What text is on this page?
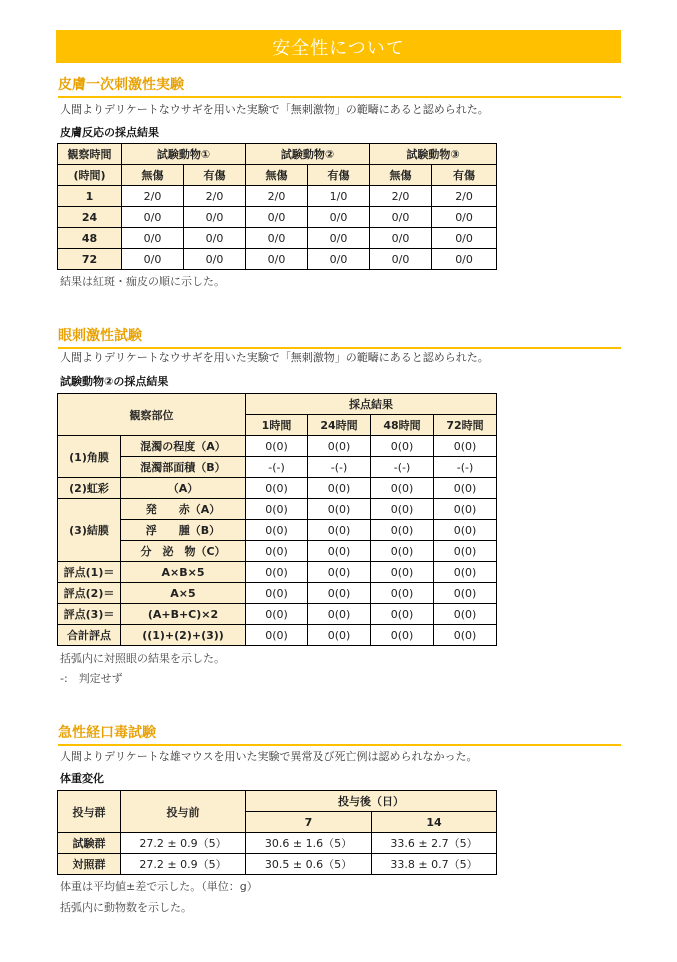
安全性について
皮膚一次刺激性実験
人間よりデリケートなウサギを用いた実験で「無刺激物」の範疇にあると認められた。
皮膚反応の採点結果
観察時間	試験動物①		試験動物②		試験動物③	
(時間)	無傷	有傷	無傷	有傷	無傷	有傷
1	2/0	2/0	2/0	1/0	2/0	2/0
24	0/0	0/0	0/0	0/0	0/0	0/0
48	0/0	0/0	0/0	0/0	0/0	0/0
72	0/0	0/0	0/0	0/0	0/0	0/0
結果は紅斑・痂皮の順に示した。
眼刺激性試験
人間よりデリケートなウサギを用いた実験で「無刺激物」の範疇にあると認められた。
試験動物②の採点結果
観察部位		採点結果			
		1時間	24時間	48時間	72時間
(1)角膜	混濁の程度（A）	0(0)	0(0)	0(0)	0(0)
	混濁部面積（B）	-(-)	-(-)	-(-)	-(-)
(2)虹彩	（A）	0(0)	0(0)	0(0)	0(0)
(3)結膜	発　　赤（A）	0(0)	0(0)	0(0)	0(0)
	浮　　腫（B）	0(0)	0(0)	0(0)	0(0)
	分　泌　物（C）	0(0)	0(0)	0(0)	0(0)
評点(1)＝	A×B×5	0(0)	0(0)	0(0)	0(0)
評点(2)＝	A×5	0(0)	0(0)	0(0)	0(0)
評点(3)＝	(A+B+C)×2	0(0)	0(0)	0(0)	0(0)
合計評点	((1)+(2)+(3))	0(0)	0(0)	0(0)	0(0)
括弧内に対照眼の結果を示した。
-:　判定せず
急性経口毒試験
人間よりデリケートな雄マウスを用いた実験で異常及び死亡例は認められなかった。
体重変化
投与群	投与前	投与後（日）	
		7	14
試験群	27.2 ± 0.9（5）	30.6 ± 1.6（5）	33.6 ± 2.7（5）
対照群	27.2 ± 0.9（5）	30.5 ± 0.6（5）	33.8 ± 0.7（5）
体重は平均値±差で示した。（単位：g）
括弧内に動物数を示した。
